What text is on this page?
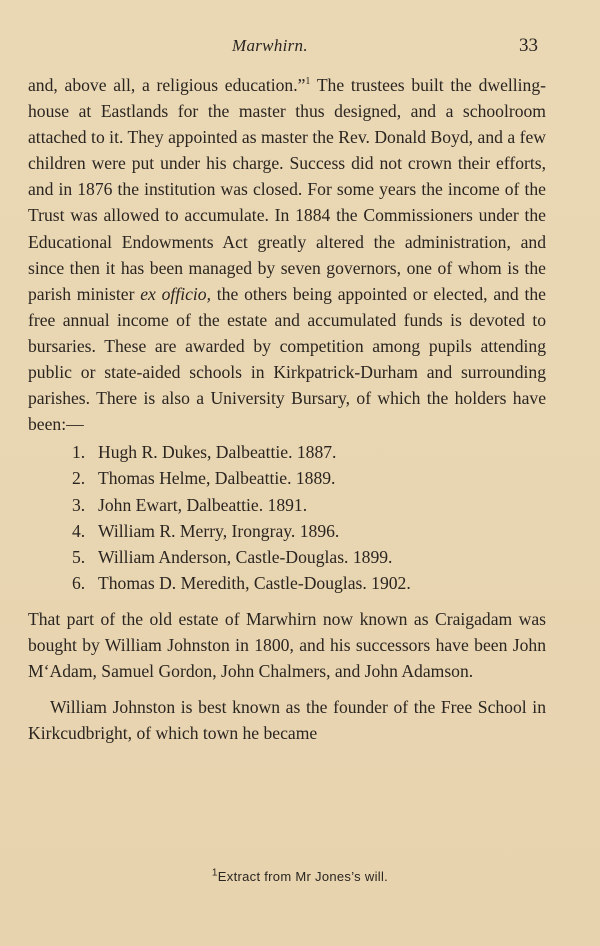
Marwhirn.	33

and, above all, a religious education.”$^1$ The trustees built the dwelling-house at Eastlands for the master thus designed, and a schoolroom attached to it. They appointed as master the Rev. Donald Boyd, and a few children were put under his charge. Success did not crown their efforts, and in 1876 the institution was closed. For some years the income of the Trust was allowed to accumulate. In 1884 the Commissioners under the Educational Endowments Act greatly altered the administration, and since then it has been managed by seven governors, one of whom is the parish minister ex officio, the others being appointed or elected, and the free annual income of the estate and accumulated funds is devoted to bursaries. These are awarded by competition among pupils attending public or state-aided schools in Kirkpatrick-Durham and surrounding parishes. There is also a University Bursary, of which the holders have been:—

1. Hugh R. Dukes, Dalbeattie. 1887.
2. Thomas Helme, Dalbeattie. 1889.
3. John Ewart, Dalbeattie. 1891.
4. William R. Merry, Irongray. 1896.
5. William Anderson, Castle-Douglas. 1899.
6. Thomas D. Meredith, Castle-Douglas. 1902.

That part of the old estate of Marwhirn now known as Craigadam was bought by William Johnston in 1800, and his successors have been John M‘Adam, Samuel Gordon, John Chalmers, and John Adamson.

William Johnston is best known as the founder of the Free School in Kirkcudbright, of which town he became

$^1$Extract from Mr Jones’s will.
